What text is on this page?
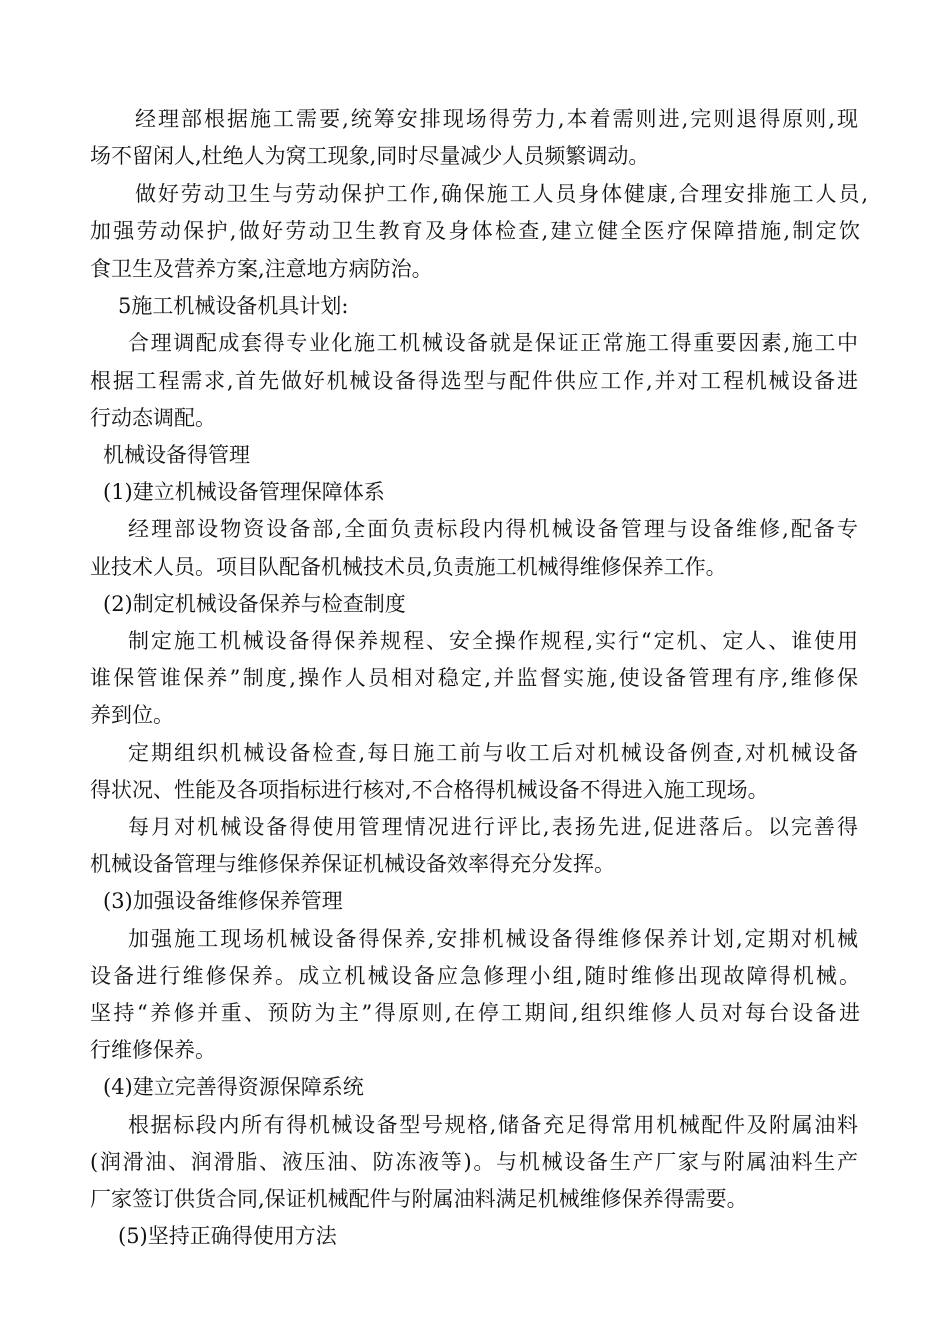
经理部根据施工需要,统筹安排现场得劳力,本着需则进,完则退得原则,现
场不留闲人,杜绝人为窝工现象,同时尽量减少人员频繁调动。
做好劳动卫生与劳动保护工作,确保施工人员身体健康,合理安排施工人员,
加强劳动保护,做好劳动卫生教育及身体检查,建立健全医疗保障措施,制定饮
食卫生及营养方案,注意地方病防治。
5施工机械设备机具计划:
合理调配成套得专业化施工机械设备就是保证正常施工得重要因素,施工中
根据工程需求,首先做好机械设备得选型与配件供应工作,并对工程机械设备进
行动态调配。
机械设备得管理
(1)建立机械设备管理保障体系
经理部设物资设备部,全面负责标段内得机械设备管理与设备维修,配备专
业技术人员。项目队配备机械技术员,负责施工机械得维修保养工作。
(2)制定机械设备保养与检查制度
制定施工机械设备得保养规程、安全操作规程,实行“定机、定人、谁使用
谁保管谁保养”制度,操作人员相对稳定,并监督实施,使设备管理有序,维修保
养到位。
定期组织机械设备检查,每日施工前与收工后对机械设备例查,对机械设备
得状况、性能及各项指标进行核对,不合格得机械设备不得进入施工现场。
每月对机械设备得使用管理情况进行评比,表扬先进,促进落后。以完善得
机械设备管理与维修保养保证机械设备效率得充分发挥。
(3)加强设备维修保养管理
加强施工现场机械设备得保养,安排机械设备得维修保养计划,定期对机械
设备进行维修保养。成立机械设备应急修理小组,随时维修出现故障得机械。
坚持“养修并重、预防为主”得原则,在停工期间,组织维修人员对每台设备进
行维修保养。
(4)建立完善得资源保障系统
根据标段内所有得机械设备型号规格,储备充足得常用机械配件及附属油料
(润滑油、润滑脂、液压油、防冻液等)。与机械设备生产厂家与附属油料生产
厂家签订供货合同,保证机械配件与附属油料满足机械维修保养得需要。
(5)坚持正确得使用方法
